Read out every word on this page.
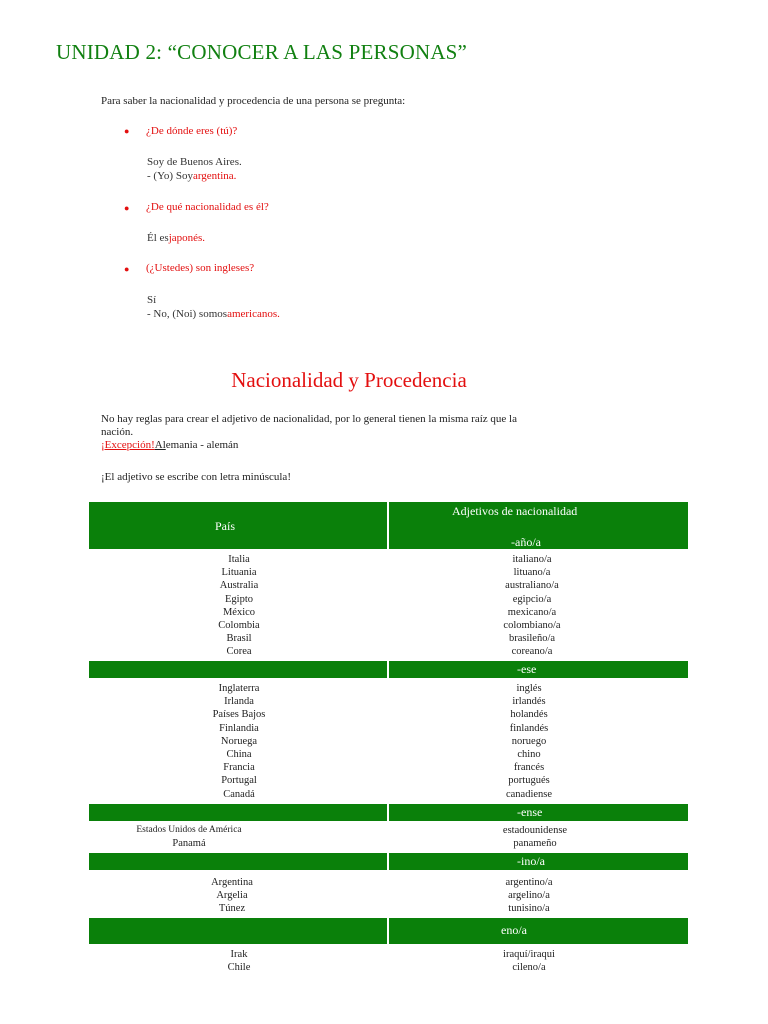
UNIDAD 2: “CONOCER A LAS PERSONAS”
Para saber la nacionalidad y procedencia de una persona se pregunta:
● ¿De dónde eres (tú)?
Soy de Buenos Aires.
- (Yo) Soyargentina.
● ¿De qué nacionalidad es él?
Él esjaponés.
● (¿Ustedes) son ingleses?
Sí
- No, (Noi) somosamericanos.
Nacionalidad y Procedencia
No hay reglas para crear el adjetivo de nacionalidad, por lo general tienen la misma raíz que la nación.
¡Excepción!Alemania - alemán
¡El adjetivo se escribe con letra minúscula!
País
Adjetivos de nacionalidad
-año/a
Italia
Lituania
Australia
Egipto
México
Colombia
Brasil
Corea
italiano/a
lituano/a
australiano/a
egipcio/a
mexicano/a
colombiano/a
brasileño/a
coreano/a
-ese
Inglaterra
Irlanda
Países Bajos
Finlandia
Noruega
China
Francia
Portugal
Canadá
inglés
irlandés
holandés
finlandés
noruego
chino
francés
portugués
canadiense
-ense
Estados Unidos de América
Panamá
estadounidense
panameño
-ino/a
Argentina
Argelia
Túnez
argentino/a
argelino/a
tunisino/a
eno/a
Irak
Chile
iraquí/iraqui
cileno/a
